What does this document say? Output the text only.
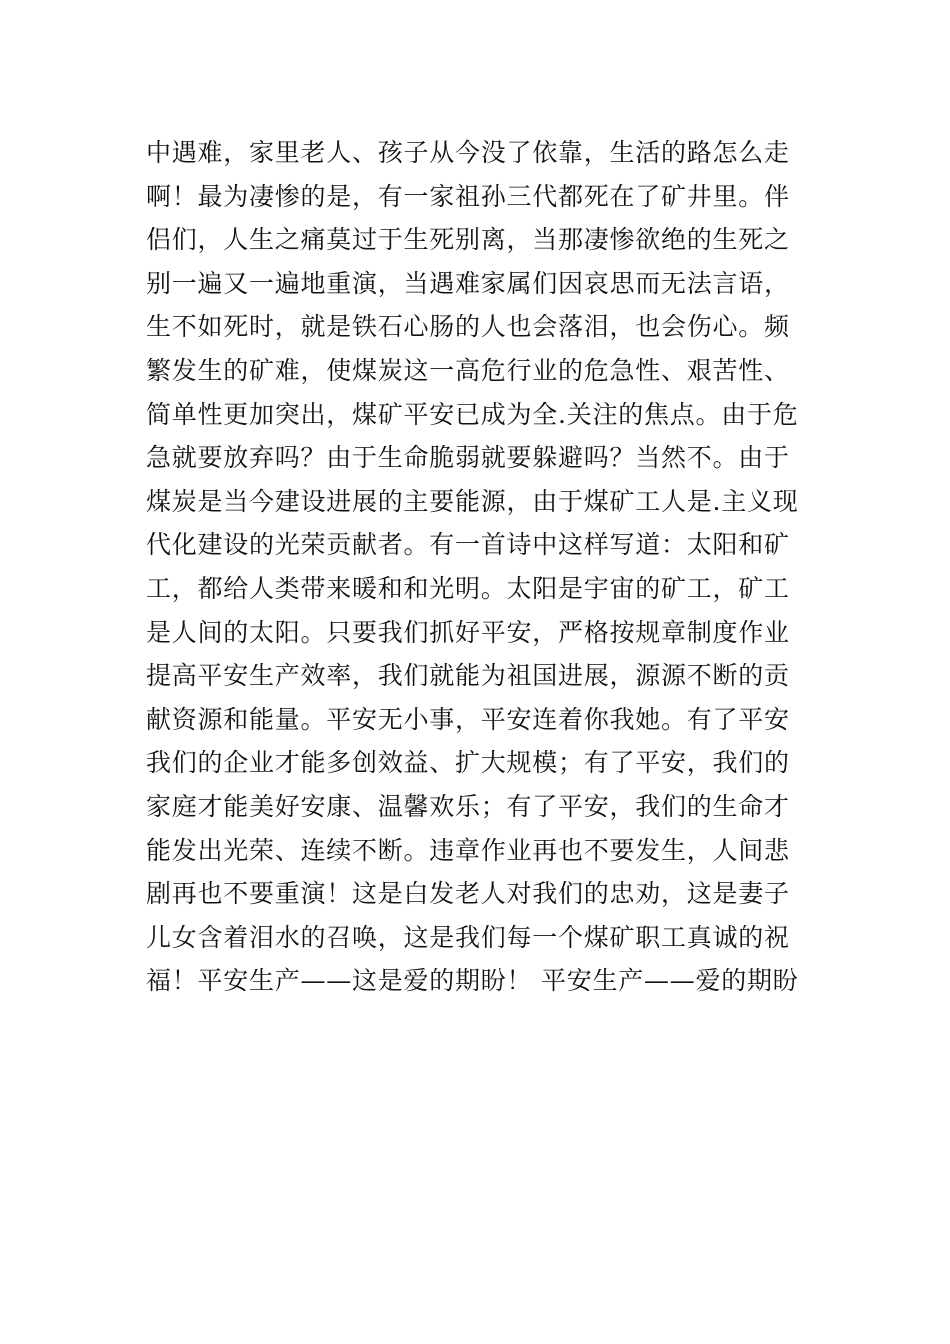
中遇难，家里老人、孩子从今没了依靠，生活的路怎么走
啊！最为凄惨的是，有一家祖孙三代都死在了矿井里。伴
侣们，人生之痛莫过于生死别离，当那凄惨欲绝的生死之
别一遍又一遍地重演，当遇难家属们因哀思而无法言语，
生不如死时，就是铁石心肠的人也会落泪，也会伤心。频
繁发生的矿难，使煤炭这一高危行业的危急性、艰苦性、
简单性更加突出，煤矿平安已成为全.关注的焦点。由于危
急就要放弃吗？由于生命脆弱就要躲避吗？当然不。由于
煤炭是当今建设进展的主要能源，由于煤矿工人是.主义现
代化建设的光荣贡献者。有一首诗中这样写道：太阳和矿
工，都给人类带来暖和和光明。太阳是宇宙的矿工，矿工
是人间的太阳。只要我们抓好平安，严格按规章制度作业
提高平安生产效率，我们就能为祖国进展，源源不断的贡
献资源和能量。平安无小事，平安连着你我她。有了平安
我们的企业才能多创效益、扩大规模；有了平安，我们的
家庭才能美好安康、温馨欢乐；有了平安，我们的生命才
能发出光荣、连续不断。违章作业再也不要发生，人间悲
剧再也不要重演！这是白发老人对我们的忠劝，这是妻子
儿女含着泪水的召唤，这是我们每一个煤矿职工真诚的祝
福！平安生产——这是爱的期盼！ 平安生产——爱的期盼
